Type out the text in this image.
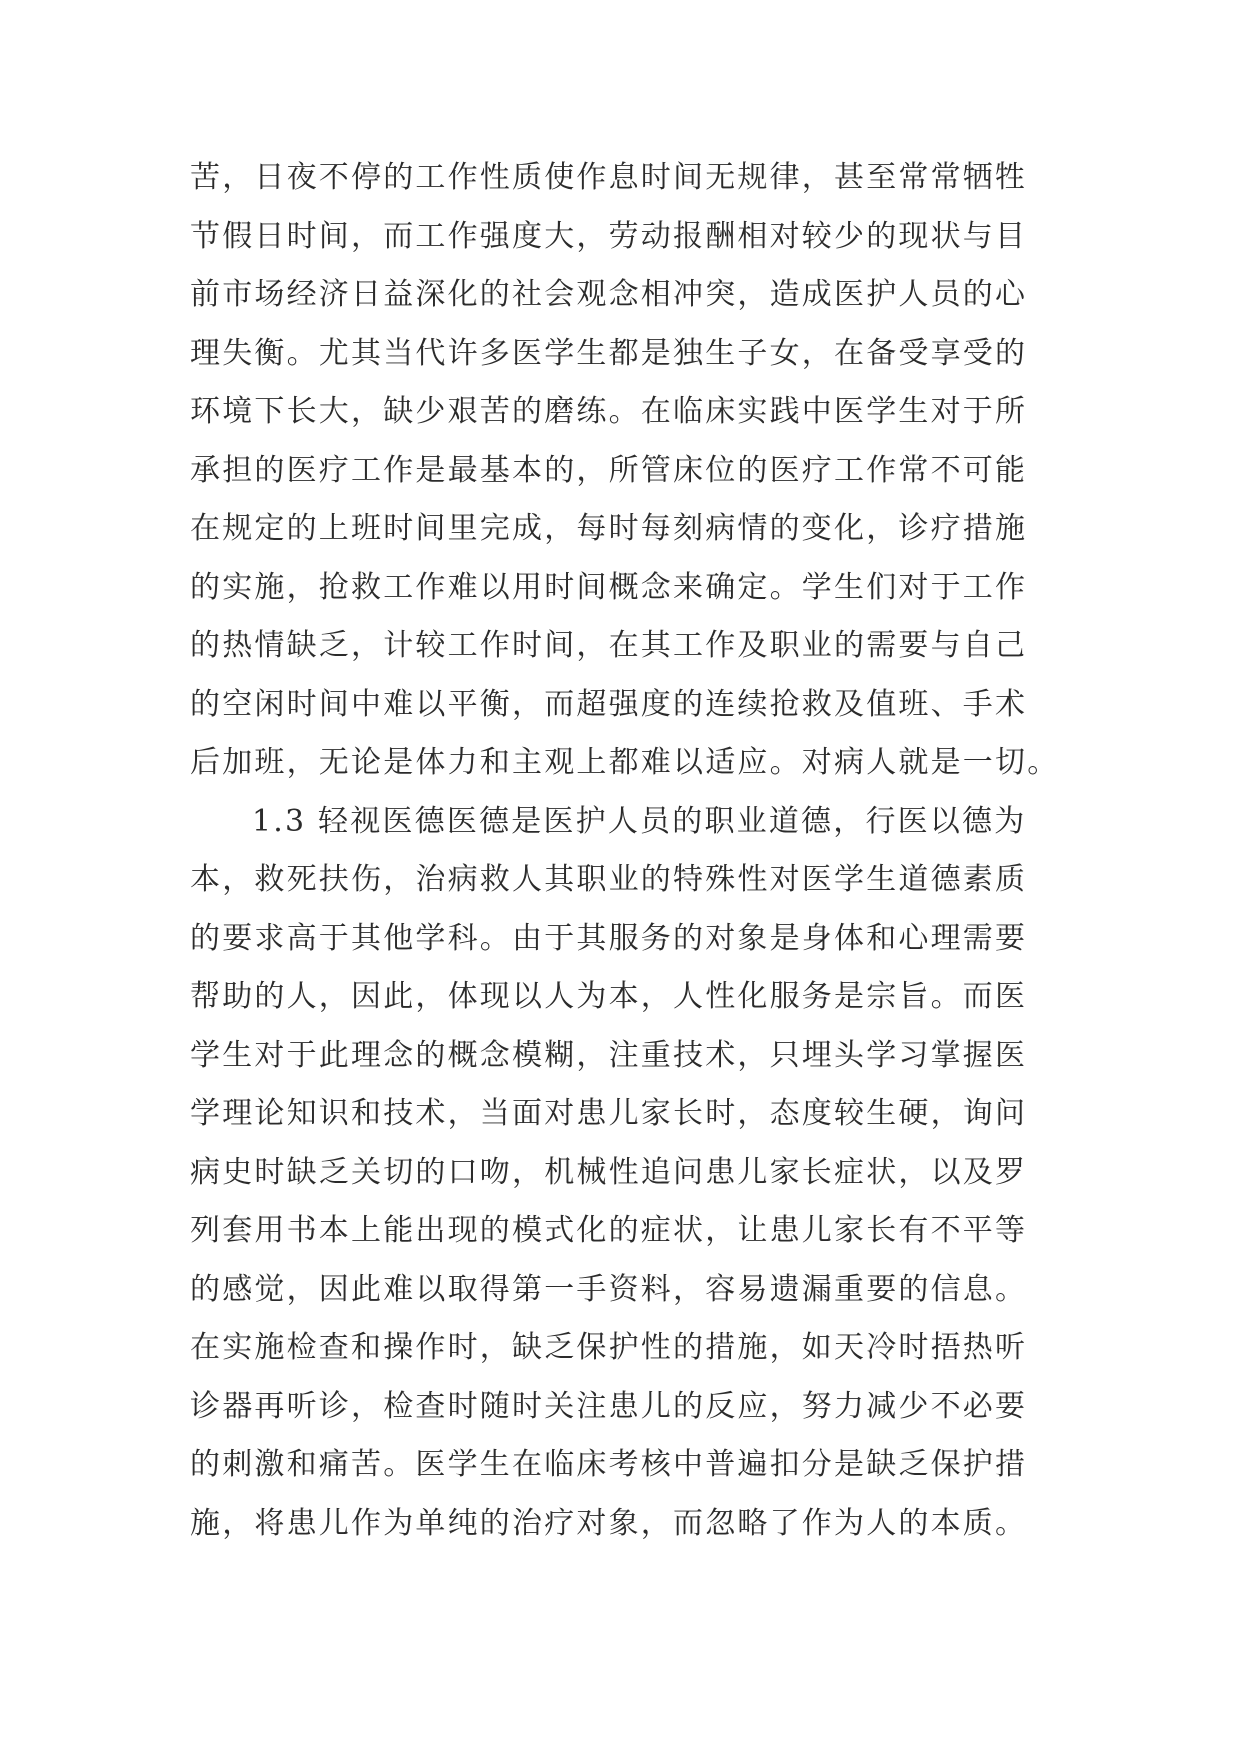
苦，日夜不停的工作性质使作息时间无规律，甚至常常牺牲
节假日时间，而工作强度大，劳动报酬相对较少的现状与目
前市场经济日益深化的社会观念相冲突，造成医护人员的心
理失衡。尤其当代许多医学生都是独生子女，在备受享受的
环境下长大，缺少艰苦的磨练。在临床实践中医学生对于所
承担的医疗工作是最基本的，所管床位的医疗工作常不可能
在规定的上班时间里完成，每时每刻病情的变化，诊疗措施
的实施，抢救工作难以用时间概念来确定。学生们对于工作
的热情缺乏，计较工作时间，在其工作及职业的需要与自己
的空闲时间中难以平衡，而超强度的连续抢救及值班、手术
后加班，无论是体力和主观上都难以适应。对病人就是一切。
1.3 轻视医德医德是医护人员的职业道德，行医以德为
本，救死扶伤，治病救人其职业的特殊性对医学生道德素质
的要求高于其他学科。由于其服务的对象是身体和心理需要
帮助的人，因此，体现以人为本，人性化服务是宗旨。而医
学生对于此理念的概念模糊，注重技术，只埋头学习掌握医
学理论知识和技术，当面对患儿家长时，态度较生硬，询问
病史时缺乏关切的口吻，机械性追问患儿家长症状，以及罗
列套用书本上能出现的模式化的症状，让患儿家长有不平等
的感觉，因此难以取得第一手资料，容易遗漏重要的信息。
在实施检查和操作时，缺乏保护性的措施，如天冷时捂热听
诊器再听诊，检查时随时关注患儿的反应，努力减少不必要
的刺激和痛苦。医学生在临床考核中普遍扣分是缺乏保护措
施，将患儿作为单纯的治疗对象，而忽略了作为人的本质。
